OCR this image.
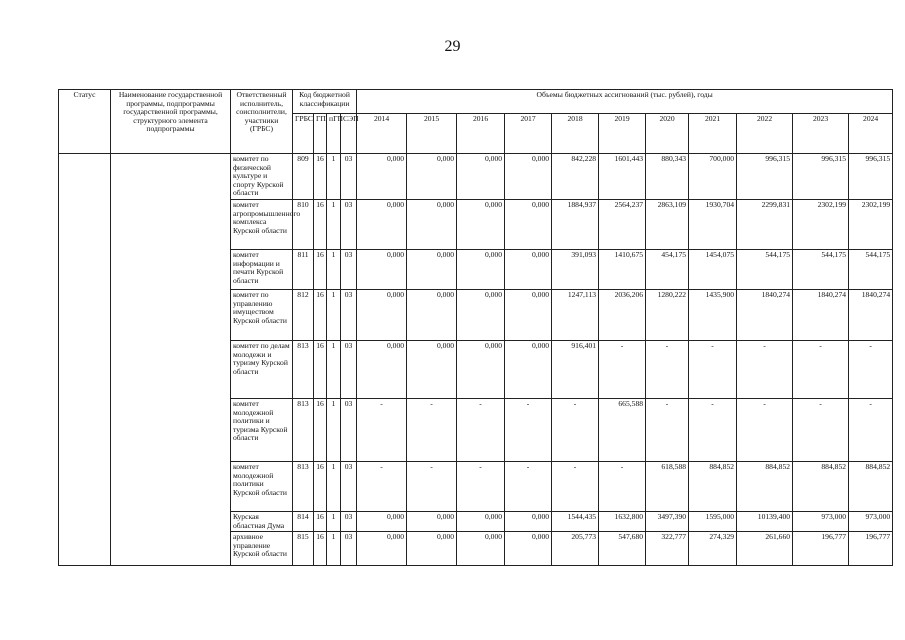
29
Статус	Наименование государственной программы, подпрограммы государственной программы, структурного элемента подпрограммы	Ответственный исполнитель, соисполнители, участники (ГРБС)	Код бюджетной классификации				Объемы бюджетных ассигнований (тыс. рублей), годы										
			ГРБС	ГП	пГП	СЭП	2014	2015	2016	2017	2018	2019	2020	2021	2022	2023	2024
		комитет по физической культуре и спорту Курской области	809	16	1	03	0,000	0,000	0,000	0,000	842,228	1601,443	880,343	700,000	996,315	996,315	996,315
		комитет агропромышленного комплекса Курской области	810	16	1	03	0,000	0,000	0,000	0,000	1884,937	2564,237	2863,109	1930,704	2299,831	2302,199	2302,199
		комитет информации и печати Курской области	811	16	1	03	0,000	0,000	0,000	0,000	391,093	1410,675	454,175	1454,075	544,175	544,175	544,175
		комитет по управлению имуществом Курской области	812	16	1	03	0,000	0,000	0,000	0,000	1247,113	2036,206	1280,222	1435,900	1840,274	1840,274	1840,274
		комитет по делам молодежи и туризму Курской области	813	16	1	03	0,000	0,000	0,000	0,000	916,401	-	-	-	-	-	-
		комитет молодежной политики и туризма Курской области	813	16	1	03	-	-	-	-	-	665,588	-	-	-	-	-
		комитет молодежной политики Курской области	813	16	1	03	-	-	-	-	-	-	618,588	884,852	884,852	884,852	884,852
		Курская областная Дума	814	16	1	03	0,000	0,000	0,000	0,000	1544,435	1632,800	3497,390	1595,000	10139,400	973,000	973,000
		архивное управление Курской области	815	16	1	03	0,000	0,000	0,000	0,000	205,773	547,680	322,777	274,329	261,660	196,777	196,777
